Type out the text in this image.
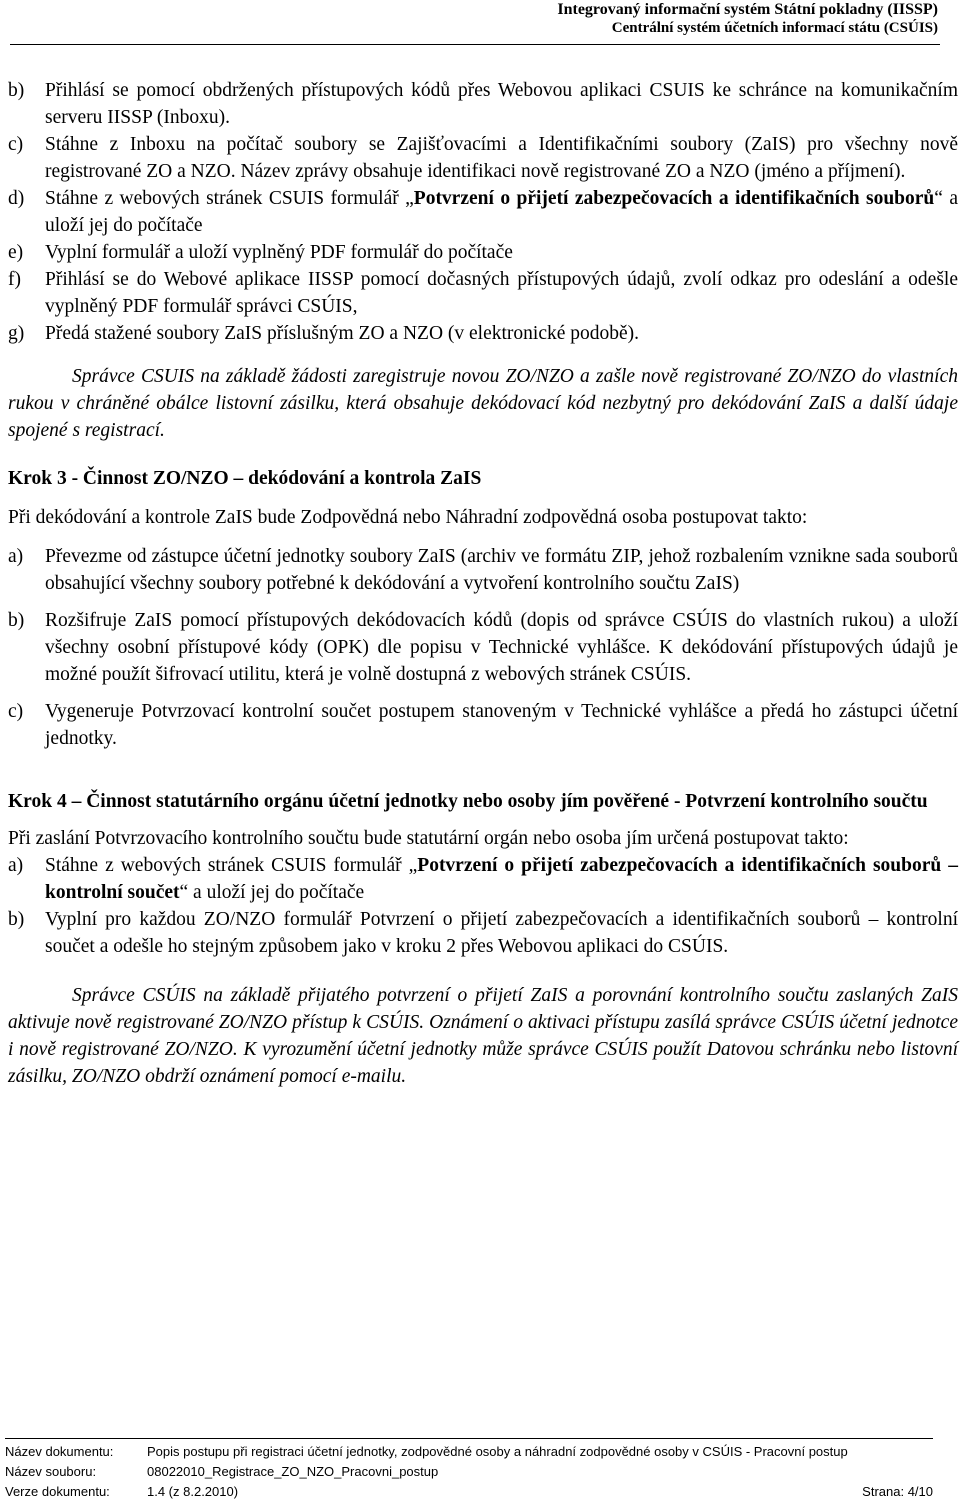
Integrovaný informační systém Státní pokladny (IISSP)
Centrální systém účetních informací státu (CSÚIS)
b)	Přihlásí se pomocí obdržených přístupových kódů přes Webovou aplikaci CSUIS ke schránce na komunikačním serveru IISSP (Inboxu).
c)	Stáhne z Inboxu na počítač soubory se Zajišťovacími a Identifikačními soubory (ZaIS) pro všechny nově registrované ZO a NZO. Název zprávy obsahuje identifikaci nově registrované ZO a NZO (jméno a příjmení).
d)	Stáhne z webových stránek CSUIS formulář „Potvrzení o přijetí zabezpečovacích a identifikačních souborů“ a uloží jej do počítače
e)	Vyplní formulář a uloží vyplněný PDF formulář do počítače
f)	Přihlásí se do Webové aplikace IISSP pomocí dočasných přístupových údajů, zvolí odkaz pro odeslání a odešle vyplněný PDF formulář správci CSÚIS,
g)	Předá stažené soubory ZaIS příslušným ZO a NZO (v elektronické podobě).

Správce CSUIS na základě žádosti zaregistruje novou ZO/NZO a zašle nově registrované ZO/NZO do vlastních rukou v chráněné obálce listovní zásilku, která obsahuje dekódovací kód nezbytný pro dekódování ZaIS a další údaje spojené s registrací.

Krok 3 - Činnost ZO/NZO – dekódování a kontrola ZaIS

Při dekódování a kontrole ZaIS bude Zodpovědná nebo Náhradní zodpovědná osoba postupovat takto:

a)	Převezme od zástupce účetní jednotky soubory ZaIS (archiv ve formátu ZIP, jehož rozbalením vznikne sada souborů obsahující všechny soubory potřebné k dekódování a vytvoření kontrolního součtu ZaIS)
b)	Rozšifruje ZaIS pomocí přístupových dekódovacích kódů (dopis od správce CSÚIS do vlastních rukou) a uloží všechny osobní přístupové kódy (OPK) dle popisu v Technické vyhlášce. K dekódování přístupových údajů je možné použít šifrovací utilitu, která je volně dostupná z webových stránek CSÚIS.
c)	Vygeneruje Potvrzovací kontrolní součet postupem stanoveným v Technické vyhlášce a předá ho zástupci účetní jednotky.

Krok 4 – Činnost statutárního orgánu účetní jednotky nebo osoby jím pověřené - Potvrzení kontrolního součtu

Při zaslání Potvrzovacího kontrolního součtu bude statutární orgán nebo osoba jím určená postupovat takto:

a)	Stáhne z webových stránek CSUIS formulář „Potvrzení o přijetí zabezpečovacích a identifikačních souborů – kontrolní součet“ a uloží jej do počítače
b)	Vyplní pro každou ZO/NZO formulář Potvrzení o přijetí zabezpečovacích a identifikačních souborů – kontrolní součet a odešle ho stejným způsobem jako v kroku 2 přes Webovou aplikaci do CSÚIS.

Správce CSÚIS na základě přijatého potvrzení o přijetí ZaIS a porovnání kontrolního součtu zaslaných ZaIS aktivuje nově registrované ZO/NZO přístup k CSÚIS. Oznámení o aktivaci přístupu zasílá správce CSÚIS účetní jednotce i nově registrované ZO/NZO. K vyrozumění účetní jednotky může správce CSÚIS použít Datovou schránku nebo listovní zásilku, ZO/NZO obdrží oznámení pomocí e-mailu.

Název dokumentu:	Popis postupu při registraci účetní jednotky, zodpovědné osoby a náhradní zodpovědné osoby v CSÚIS - Pracovní postup
Název souboru:	08022010_Registrace_ZO_NZO_Pracovni_postup
Verze dokumentu:	1.4 (z 8.2.2010)	Strana: 4/10
